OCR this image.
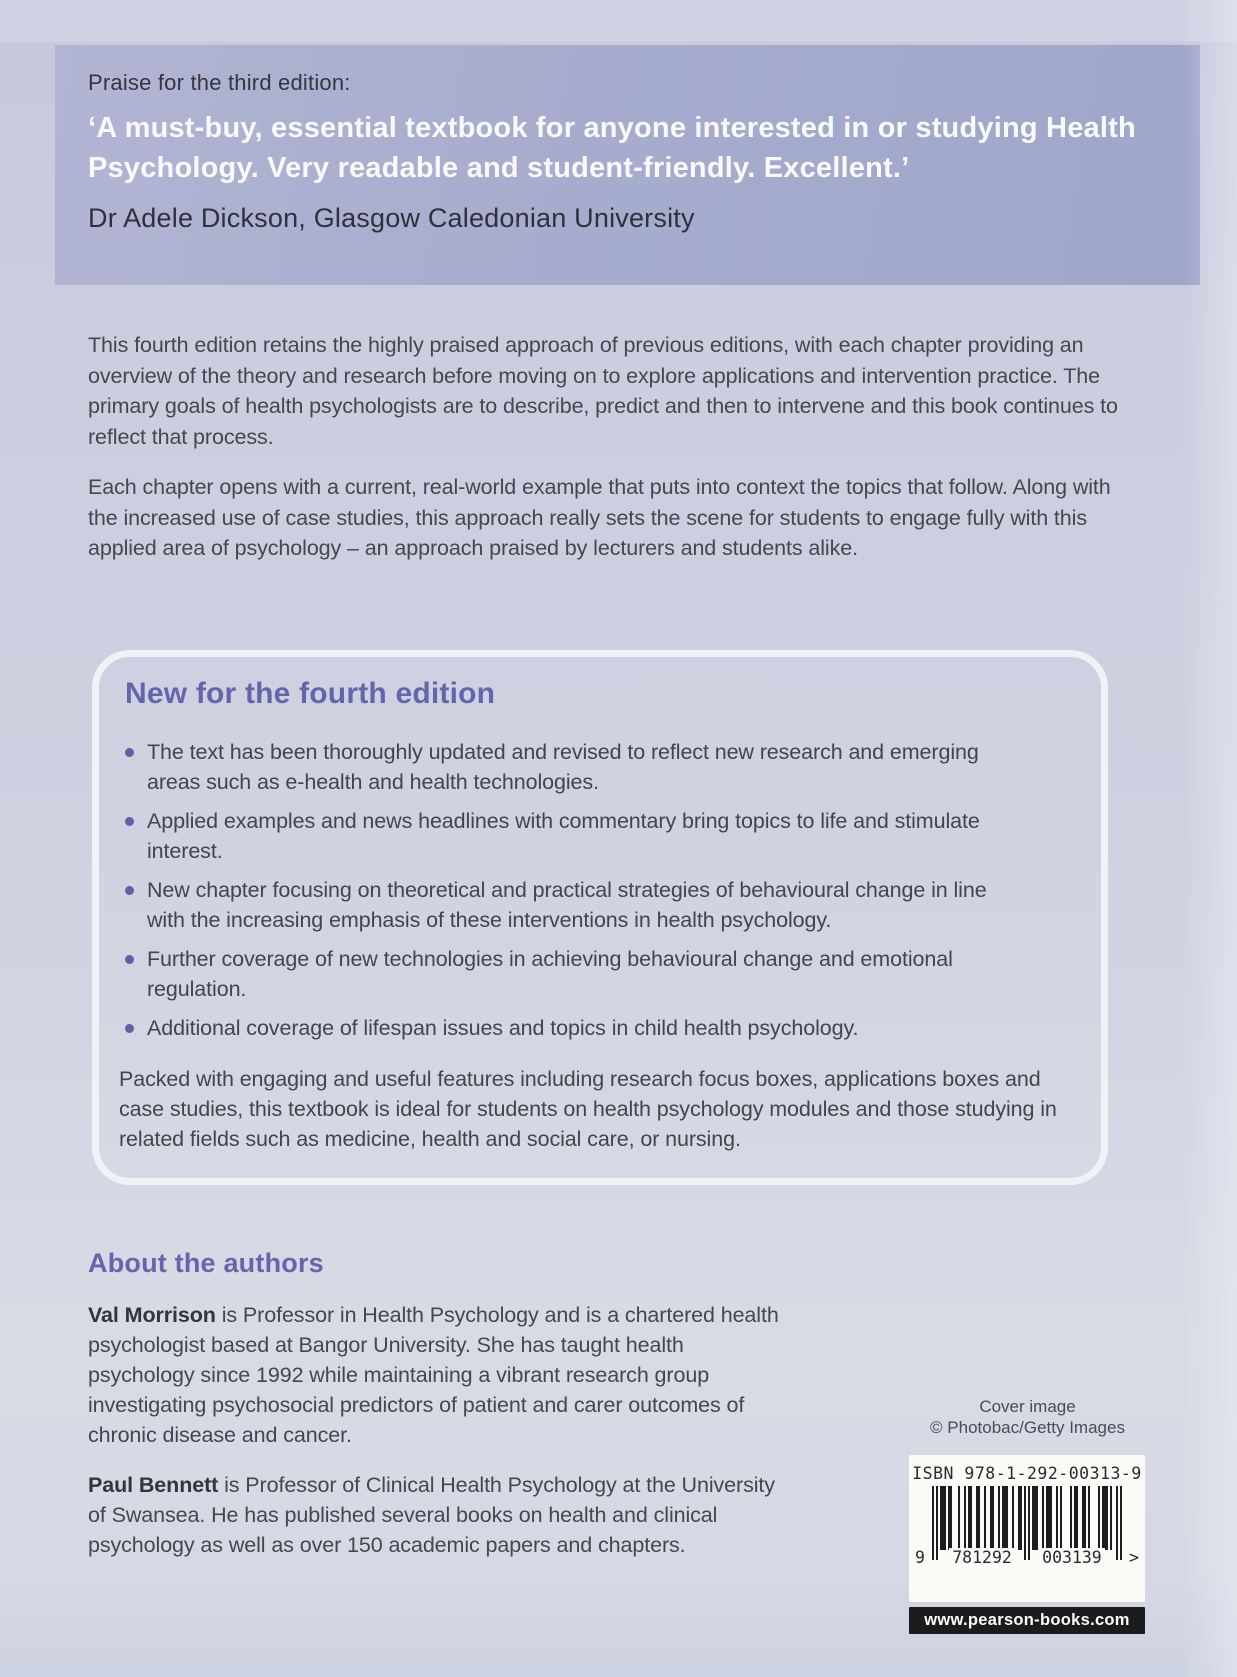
Praise for the third edition:
‘A must-buy, essential textbook for anyone interested in or studying Health Psychology. Very readable and student-friendly. Excellent.’
Dr Adele Dickson, Glasgow Caledonian University
This fourth edition retains the highly praised approach of previous editions, with each chapter providing an overview of the theory and research before moving on to explore applications and intervention practice. The primary goals of health psychologists are to describe, predict and then to intervene and this book continues to reflect that process.
Each chapter opens with a current, real-world example that puts into context the topics that follow. Along with the increased use of case studies, this approach really sets the scene for students to engage fully with this applied area of psychology – an approach praised by lecturers and students alike.
New for the fourth edition
The text has been thoroughly updated and revised to reflect new research and emerging areas such as e-health and health technologies.
Applied examples and news headlines with commentary bring topics to life and stimulate interest.
New chapter focusing on theoretical and practical strategies of behavioural change in line with the increasing emphasis of these interventions in health psychology.
Further coverage of new technologies in achieving behavioural change and emotional regulation.
Additional coverage of lifespan issues and topics in child health psychology.
Packed with engaging and useful features including research focus boxes, applications boxes and case studies, this textbook is ideal for students on health psychology modules and those studying in related fields such as medicine, health and social care, or nursing.
About the authors
Val Morrison is Professor in Health Psychology and is a chartered health psychologist based at Bangor University. She has taught health psychology since 1992 while maintaining a vibrant research group investigating psychosocial predictors of patient and carer outcomes of chronic disease and cancer.
Paul Bennett is Professor of Clinical Health Psychology at the University of Swansea. He has published several books on health and clinical psychology as well as over 150 academic papers and chapters.
Cover image
© Photobac/Getty Images
ISBN 978-1-292-00313-9
9 781292 003139 >
www.pearson-books.com
